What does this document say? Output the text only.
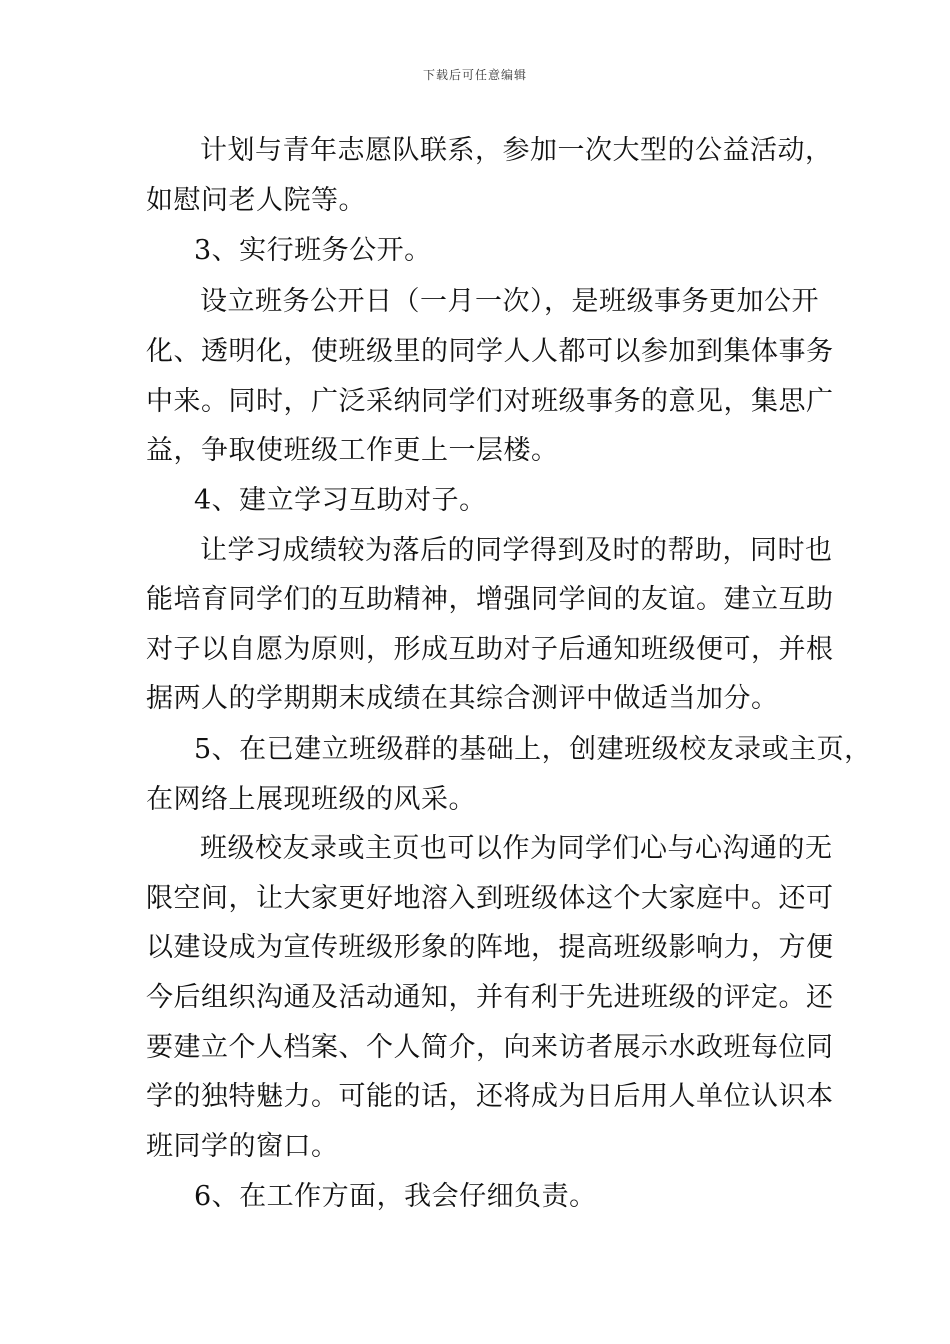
下载后可任意编辑
计划与青年志愿队联系，参加一次大型的公益活动，
如慰问老人院等。
3、实行班务公开。
设立班务公开日（一月一次），是班级事务更加公开
化、透明化，使班级里的同学人人都可以参加到集体事务
中来。同时，广泛采纳同学们对班级事务的意见，集思广
益，争取使班级工作更上一层楼。
4、建立学习互助对子。
让学习成绩较为落后的同学得到及时的帮助，同时也
能培育同学们的互助精神，增强同学间的友谊。建立互助
对子以自愿为原则，形成互助对子后通知班级便可，并根
据两人的学期期末成绩在其综合测评中做适当加分。
5、在已建立班级群的基础上，创建班级校友录或主页，
在网络上展现班级的风采。
班级校友录或主页也可以作为同学们心与心沟通的无
限空间，让大家更好地溶入到班级体这个大家庭中。还可
以建设成为宣传班级形象的阵地，提高班级影响力，方便
今后组织沟通及活动通知，并有利于先进班级的评定。还
要建立个人档案、个人简介，向来访者展示水政班每位同
学的独特魅力。可能的话，还将成为日后用人单位认识本
班同学的窗口。
6、在工作方面，我会仔细负责。
